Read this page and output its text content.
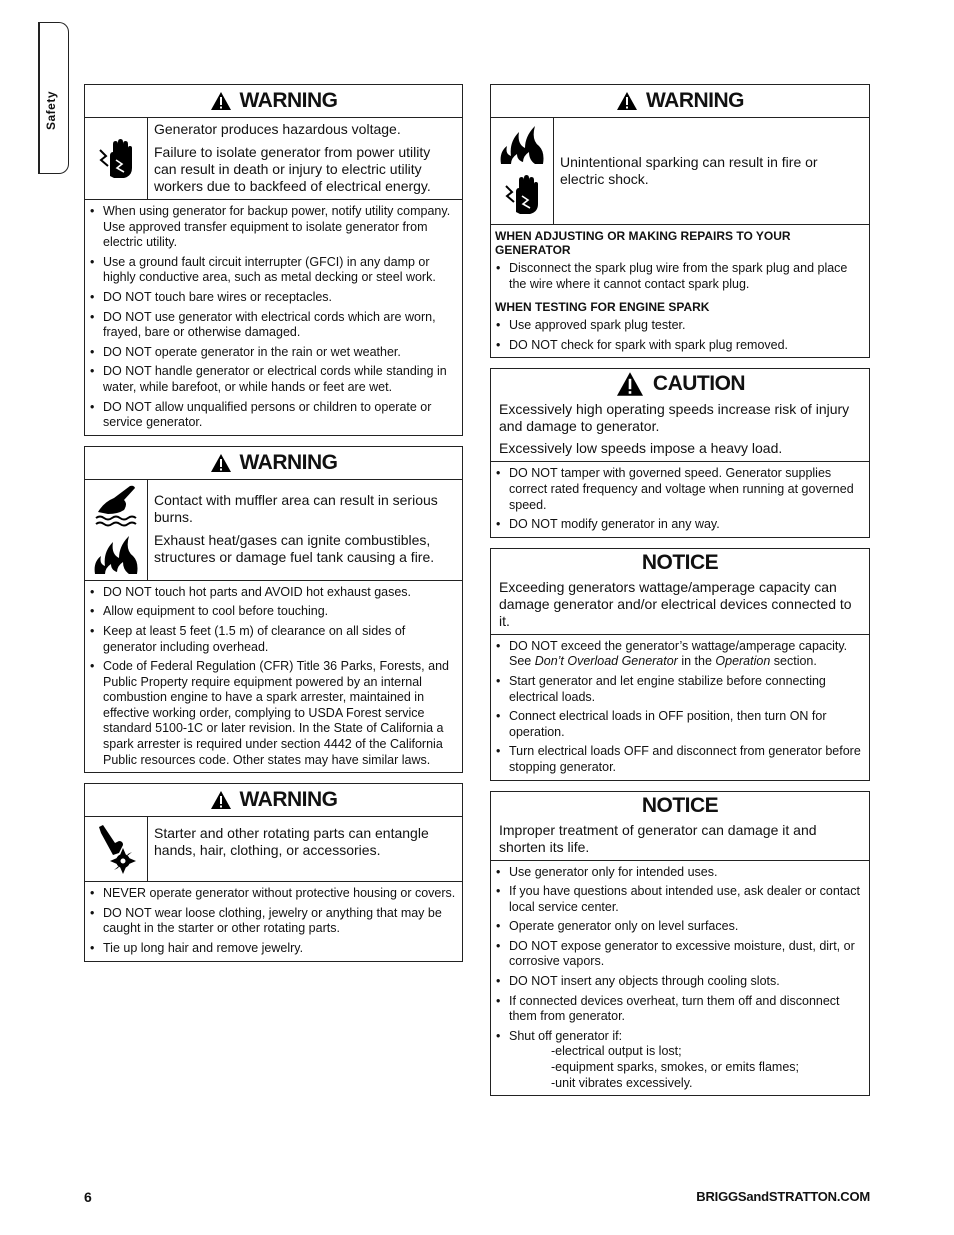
Safety	WARNING

Generator produces hazardous voltage.

Failure to isolate generator from power utility can result in death or injury to electric utility workers due to backfeed of electrical energy.

• When using generator for backup power, notify utility company. Use approved transfer equipment to isolate generator from electric utility.
• Use a ground fault circuit interrupter (GFCI) in any damp or highly conductive area, such as metal decking or steel work.
• DO NOT touch bare wires or receptacles.
• DO NOT use generator with electrical cords which are worn, frayed, bare or otherwise damaged.
• DO NOT operate generator in the rain or wet weather.
• DO NOT handle generator or electrical cords while standing in water, while barefoot, or while hands or feet are wet.
• DO NOT allow unqualified persons or children to operate or service generator.
WARNING

Contact with muffler area can result in serious burns.

Exhaust heat/gases can ignite combustibles, structures or damage fuel tank causing a fire.

• DO NOT touch hot parts and AVOID hot exhaust gases.
• Allow equipment to cool before touching.
• Keep at least 5 feet (1.5 m) of clearance on all sides of generator including overhead.
• Code of Federal Regulation (CFR) Title 36 Parks, Forests, and Public Property require equipment powered by an internal combustion engine to have a spark arrester, maintained in effective working order, complying to USDA Forest service standard 5100-1C or later revision. In the State of California a spark arrester is required under section 4442 of the California Public resources code. Other states may have similar laws.
WARNING

Starter and other rotating parts can entangle hands, hair, clothing, or accessories.

• NEVER operate generator without protective housing or covers.
• DO NOT wear loose clothing, jewelry or anything that may be caught in the starter or other rotating parts.
• Tie up long hair and remove jewelry.
WARNING

Unintentional sparking can result in fire or electric shock.

WHEN ADJUSTING OR MAKING REPAIRS TO YOUR GENERATOR
• Disconnect the spark plug wire from the spark plug and place the wire where it cannot contact spark plug.
WHEN TESTING FOR ENGINE SPARK
• Use approved spark plug tester.
• DO NOT check for spark with spark plug removed.
CAUTION

Excessively high operating speeds increase risk of injury and damage to generator.

Excessively low speeds impose a heavy load.

• DO NOT tamper with governed speed. Generator supplies correct rated frequency and voltage when running at governed speed.
• DO NOT modify generator in any way.
NOTICE

Exceeding generators wattage/amperage capacity can damage generator and/or electrical devices connected to it.

• DO NOT exceed the generator’s wattage/amperage capacity. See Don’t Overload Generator in the Operation section.
• Start generator and let engine stabilize before connecting electrical loads.
• Connect electrical loads in OFF position, then turn ON for operation.
• Turn electrical loads OFF and disconnect from generator before stopping generator.
NOTICE

Improper treatment of generator can damage it and shorten its life.

• Use generator only for intended uses.
• If you have questions about intended use, ask dealer or contact local service center.
• Operate generator only on level surfaces.
• DO NOT expose generator to excessive moisture, dust, dirt, or corrosive vapors.
• DO NOT insert any objects through cooling slots.
• If connected devices overheat, turn them off and disconnect them from generator.
• Shut off generator if:
-electrical output is lost;
-equipment sparks, smokes, or emits flames;
-unit vibrates excessively.
6	BRIGGSandSTRATTON.COM
